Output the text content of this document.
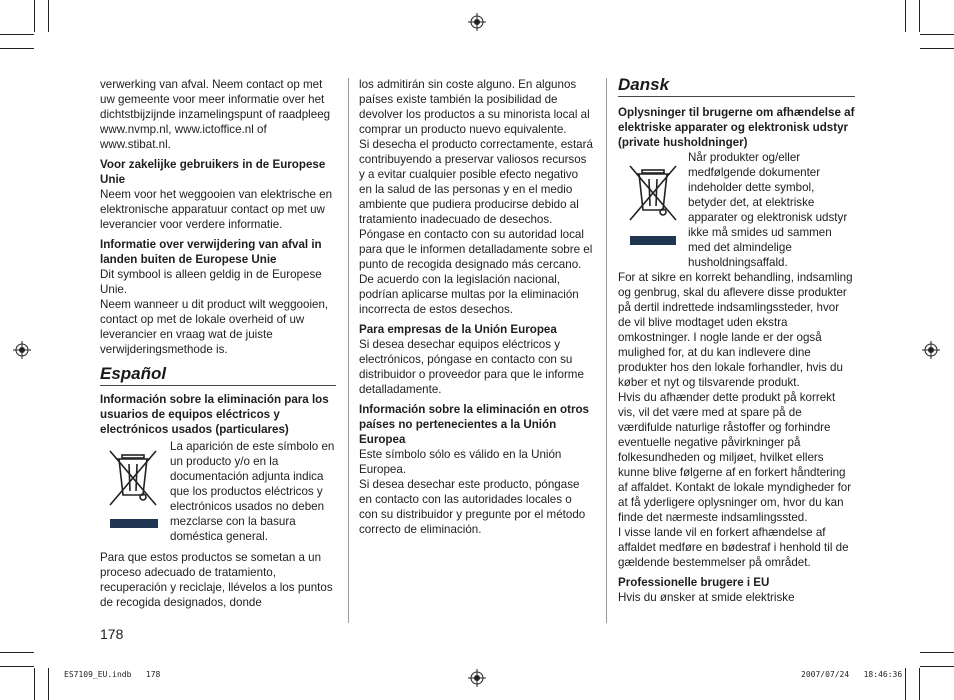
verwerking van afval. Neem contact op met uw gemeente voor meer informatie over het dichtstbijzijnde inzamelingspunt of raadpleeg www.nvmp.nl, www.ictoffice.nl of www.stibat.nl.

Voor zakelijke gebruikers in de Europese Unie

Neem voor het weggooien van elektrische en elektronische apparatuur contact op met uw leverancier voor verdere informatie.

Informatie over verwijdering van afval in landen buiten de Europese Unie

Dit symbool is alleen geldig in de Europese Unie.

Neem wanneer u dit product wilt weggooien, contact op met de lokale overheid of uw leverancier en vraag wat de juiste verwijderingsmethode is.

Español

Información sobre la eliminación para los usuarios de equipos eléctricos y electrónicos usados (particulares)

La aparición de este símbolo en un producto y/o en la documentación adjunta indica que los productos eléctricos y electrónicos usados no deben mezclarse con la basura doméstica general.

Para que estos productos se sometan a un proceso adecuado de tratamiento, recuperación y reciclaje, llévelos a los puntos de recogida designados, donde

los admitirán sin coste alguno. En algunos países existe también la posibilidad de devolver los productos a su minorista local al comprar un producto nuevo equivalente.

Si desecha el producto correctamente, estará contribuyendo a preservar valiosos recursos y a evitar cualquier posible efecto negativo en la salud de las personas y en el medio ambiente que pudiera producirse debido al tratamiento inadecuado de desechos. Póngase en contacto con su autoridad local para que le informen detalladamente sobre el punto de recogida designado más cercano.

De acuerdo con la legislación nacional, podrían aplicarse multas por la eliminación incorrecta de estos desechos.

Para empresas de la Unión Europea

Si desea desechar equipos eléctricos y electrónicos, póngase en contacto con su distribuidor o proveedor para que le informe detalladamente.

Información sobre la eliminación en otros países no pertenecientes a la Unión Europea

Este símbolo sólo es válido en la Unión Europea.

Si desea desechar este producto, póngase en contacto con las autoridades locales o con su distribuidor y pregunte por el método correcto de eliminación.

Dansk

Oplysninger til brugerne om afhændelse af elektriske apparater og elektronisk udstyr (private husholdninger)

Når produkter og/eller medfølgende dokumenter indeholder dette symbol, betyder det, at elektriske apparater og elektronisk udstyr ikke må smides ud sammen med det almindelige husholdningsaffald.

For at sikre en korrekt behandling, indsamling og genbrug, skal du aflevere disse produkter på dertil indrettede indsamlingssteder, hvor de vil blive modtaget uden ekstra omkostninger. I nogle lande er der også mulighed for, at du kan indlevere dine produkter hos den lokale forhandler, hvis du køber et nyt og tilsvarende produkt.

Hvis du afhænder dette produkt på korrekt vis, vil det være med at spare på de værdifulde naturlige råstoffer og forhindre eventuelle negative påvirkninger på folkesundheden og miljøet, hvilket ellers kunne blive følgerne af en forkert håndtering af affaldet. Kontakt de lokale myndigheder for at få yderligere oplysninger om, hvor du kan finde det nærmeste indsamlingssted.

I visse lande vil en forkert afhændelse af affaldet medføre en bødestraf i henhold til de gældende bestemmelser på området.

Professionelle brugere i EU

Hvis du ønsker at smide elektriske

178
ES7109_EU.indb   178	2007/07/24   18:46:36
